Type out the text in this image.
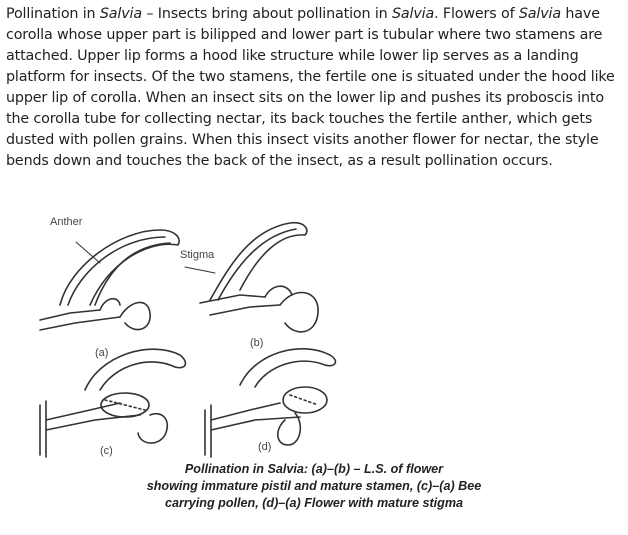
Pollination in Salvia – Insects bring about pollination in Salvia. Flowers of Salvia have corolla whose upper part is bilipped and lower part is tubular where two stamens are attached. Upper lip forms a hood like structure while lower lip serves as a landing platform for insects. Of the two stamens, the fertile one is situated under the hood like upper lip of corolla. When an insect sits on the lower lip and pushes its proboscis into the corolla tube for collecting nectar, its back touches the fertile anther, which gets dusted with pollen grains. When this insect visits another flower for nectar, the style bends down and touches the back of the insect, as a result pollination occurs.

Anther
Stigma
(a)
(b)
(c)	(d)
Pollination in Salvia: (a)–(b) – L.S. of flower
showing immature pistil and mature stamen, (c)–(a) Bee
carrying pollen, (d)–(a) Flower with mature stigma
